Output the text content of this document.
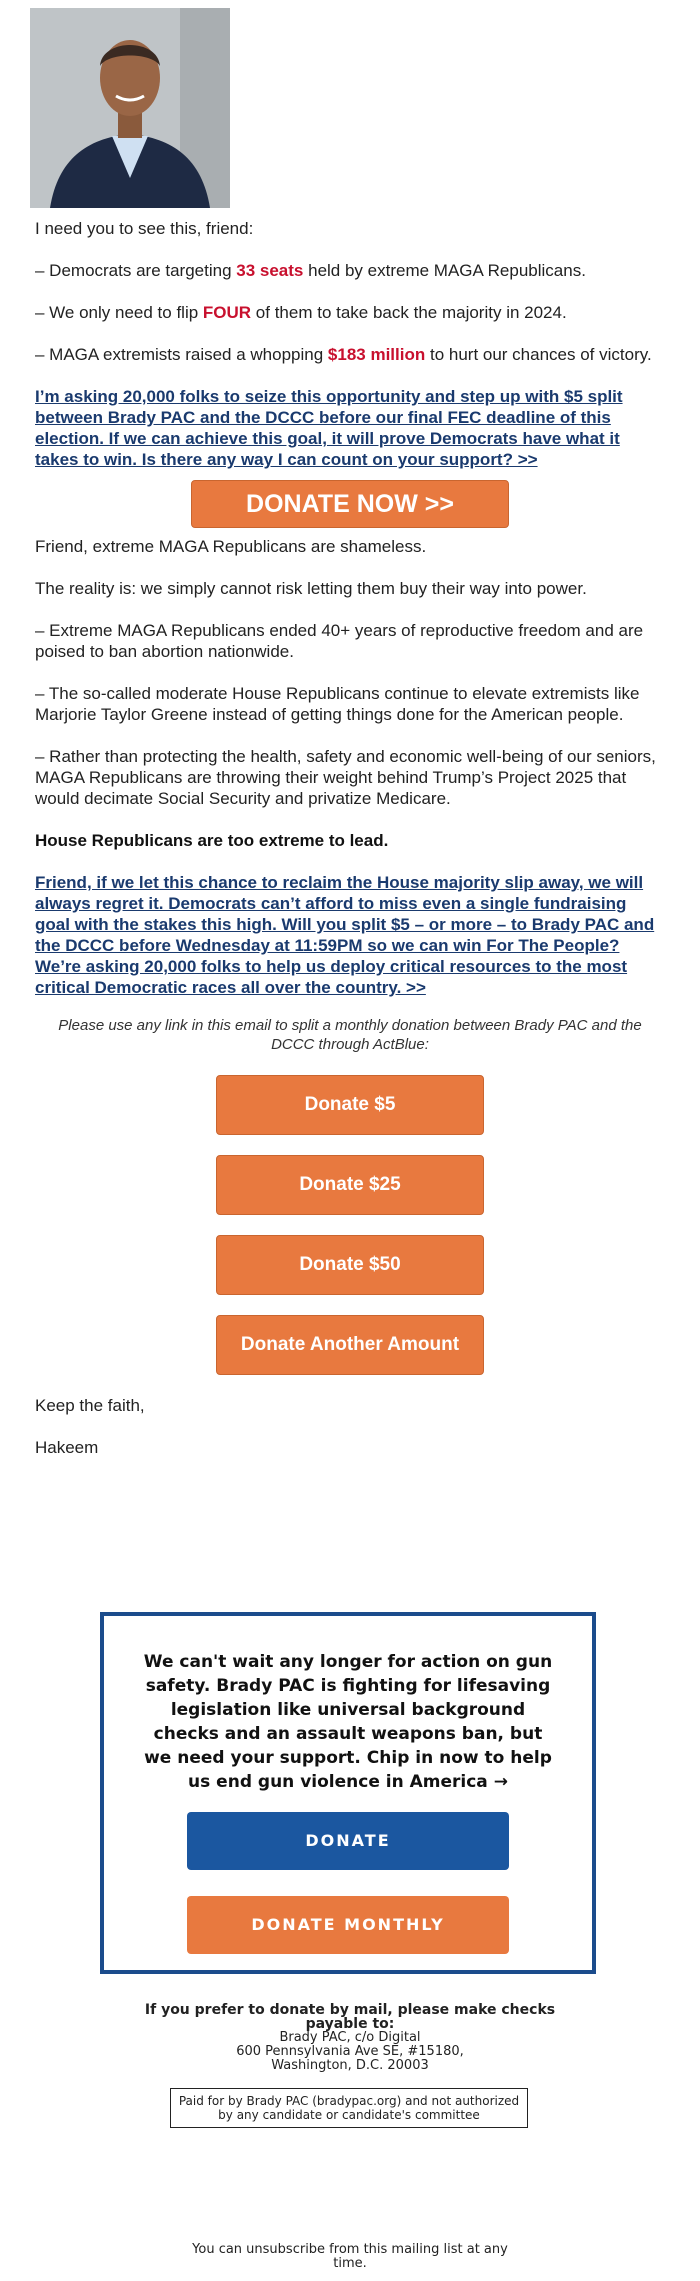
I need you to see this, friend:

– Democrats are targeting 33 seats held by extreme MAGA Republicans.

– We only need to flip FOUR of them to take back the majority in 2024.

– MAGA extremists raised a whopping $183 million to hurt our chances of victory.

I’m asking 20,000 folks to seize this opportunity and step up with $5 split between Brady PAC and the DCCC before our final FEC deadline of this election. If we can achieve this goal, it will prove Democrats have what it takes to win. Is there any way I can count on your support? >>

DONATE NOW >>

Friend, extreme MAGA Republicans are shameless.

The reality is: we simply cannot risk letting them buy their way into power.

– Extreme MAGA Republicans ended 40+ years of reproductive freedom and are poised to ban abortion nationwide.

– The so-called moderate House Republicans continue to elevate extremists like Marjorie Taylor Greene instead of getting things done for the American people.

– Rather than protecting the health, safety and economic well-being of our seniors, MAGA Republicans are throwing their weight behind Trump’s Project 2025 that would decimate Social Security and privatize Medicare.

House Republicans are too extreme to lead.

Friend, if we let this chance to reclaim the House majority slip away, we will always regret it. Democrats can’t afford to miss even a single fundraising goal with the stakes this high. Will you split $5 – or more – to Brady PAC and the DCCC before Wednesday at 11:59PM so we can win For The People? We’re asking 20,000 folks to help us deploy critical resources to the most critical Democratic races all over the country. >>

Please use any link in this email to split a monthly donation between Brady PAC and the DCCC through ActBlue:

Donate $5
Donate $25
Donate $50
Donate Another Amount

Keep the faith,

Hakeem

We can't wait any longer for action on gun safety. Brady PAC is fighting for lifesaving legislation like universal background checks and an assault weapons ban, but we need your support. Chip in now to help us end gun violence in America →
DONATE
DONATE MONTHLY
If you prefer to donate by mail, please make checks payable to:
Brady PAC, c/o Digital
600 Pennsylvania Ave SE, #15180,
Washington, D.C. 20003
Paid for by Brady PAC (bradypac.org) and not authorized by any candidate or candidate's committee
You can unsubscribe from this mailing list at any time.
